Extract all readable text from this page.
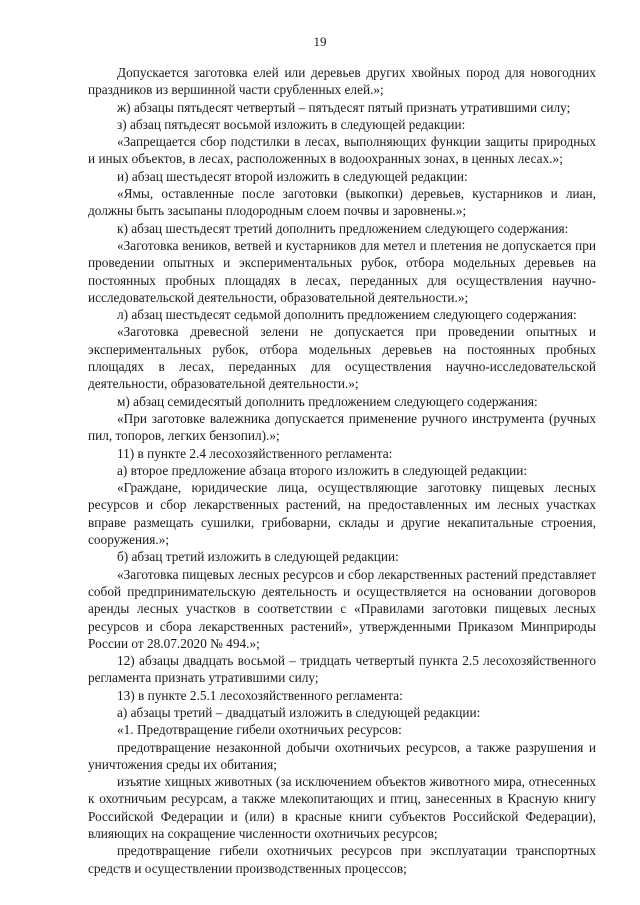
19

Допускается заготовка елей или деревьев других хвойных пород для новогодних праздников из вершинной части срубленных елей.»;

ж) абзацы пятьдесят четвертый – пятьдесят пятый признать утратившими силу;

з) абзац пятьдесят восьмой изложить в следующей редакции:

«Запрещается сбор подстилки в лесах, выполняющих функции защиты природных и иных объектов, в лесах, расположенных в водоохранных зонах, в ценных лесах.»;

и) абзац шестьдесят второй изложить в следующей редакции:

«Ямы, оставленные после заготовки (выкопки) деревьев, кустарников и лиан, должны быть засыпаны плодородным слоем почвы и заровнены.»;

к) абзац шестьдесят третий дополнить предложением следующего содержания:

«Заготовка веников, ветвей и кустарников для метел и плетения не допускается при проведении опытных и экспериментальных рубок, отбора модельных деревьев на постоянных пробных площадях в лесах, переданных для осуществления научно-исследовательской деятельности, образовательной деятельности.»;

л) абзац шестьдесят седьмой дополнить предложением следующего содержания:

«Заготовка древесной зелени не допускается при проведении опытных и экспериментальных рубок, отбора модельных деревьев на постоянных пробных площадях в лесах, переданных для осуществления научно-исследовательской деятельности, образовательной деятельности.»;

м) абзац семидесятый дополнить предложением следующего содержания:

«При заготовке валежника допускается применение ручного инструмента (ручных пил, топоров, легких бензопил).»;

11) в пункте 2.4 лесохозяйственного регламента:

а) второе предложение абзаца второго изложить в следующей редакции:

«Граждане, юридические лица, осуществляющие заготовку пищевых лесных ресурсов и сбор лекарственных растений, на предоставленных им лесных участках вправе размещать сушилки, грибоварни, склады и другие некапитальные строения, сооружения.»;

б) абзац третий изложить в следующей редакции:

«Заготовка пищевых лесных ресурсов и сбор лекарственных растений представляет собой предпринимательскую деятельность и осуществляется на основании договоров аренды лесных участков в соответствии с «Правилами заготовки пищевых лесных ресурсов и сбора лекарственных растений», утвержденными Приказом Минприроды России от 28.07.2020 № 494.»;

12) абзацы двадцать восьмой – тридцать четвертый пункта 2.5 лесохозяйственного регламента признать утратившими силу;

13) в пункте 2.5.1 лесохозяйственного регламента:

а) абзацы третий – двадцатый изложить в следующей редакции:

«1. Предотвращение гибели охотничьих ресурсов:

предотвращение незаконной добычи охотничьих ресурсов, а также разрушения и уничтожения среды их обитания;

изъятие хищных животных (за исключением объектов животного мира, отнесенных к охотничьим ресурсам, а также млекопитающих и птиц, занесенных в Красную книгу Российской Федерации и (или) в красные книги субъектов Российской Федерации), влияющих на сокращение численности охотничьих ресурсов;

предотвращение гибели охотничьих ресурсов при эксплуатации транспортных средств и осуществлении производственных процессов;
